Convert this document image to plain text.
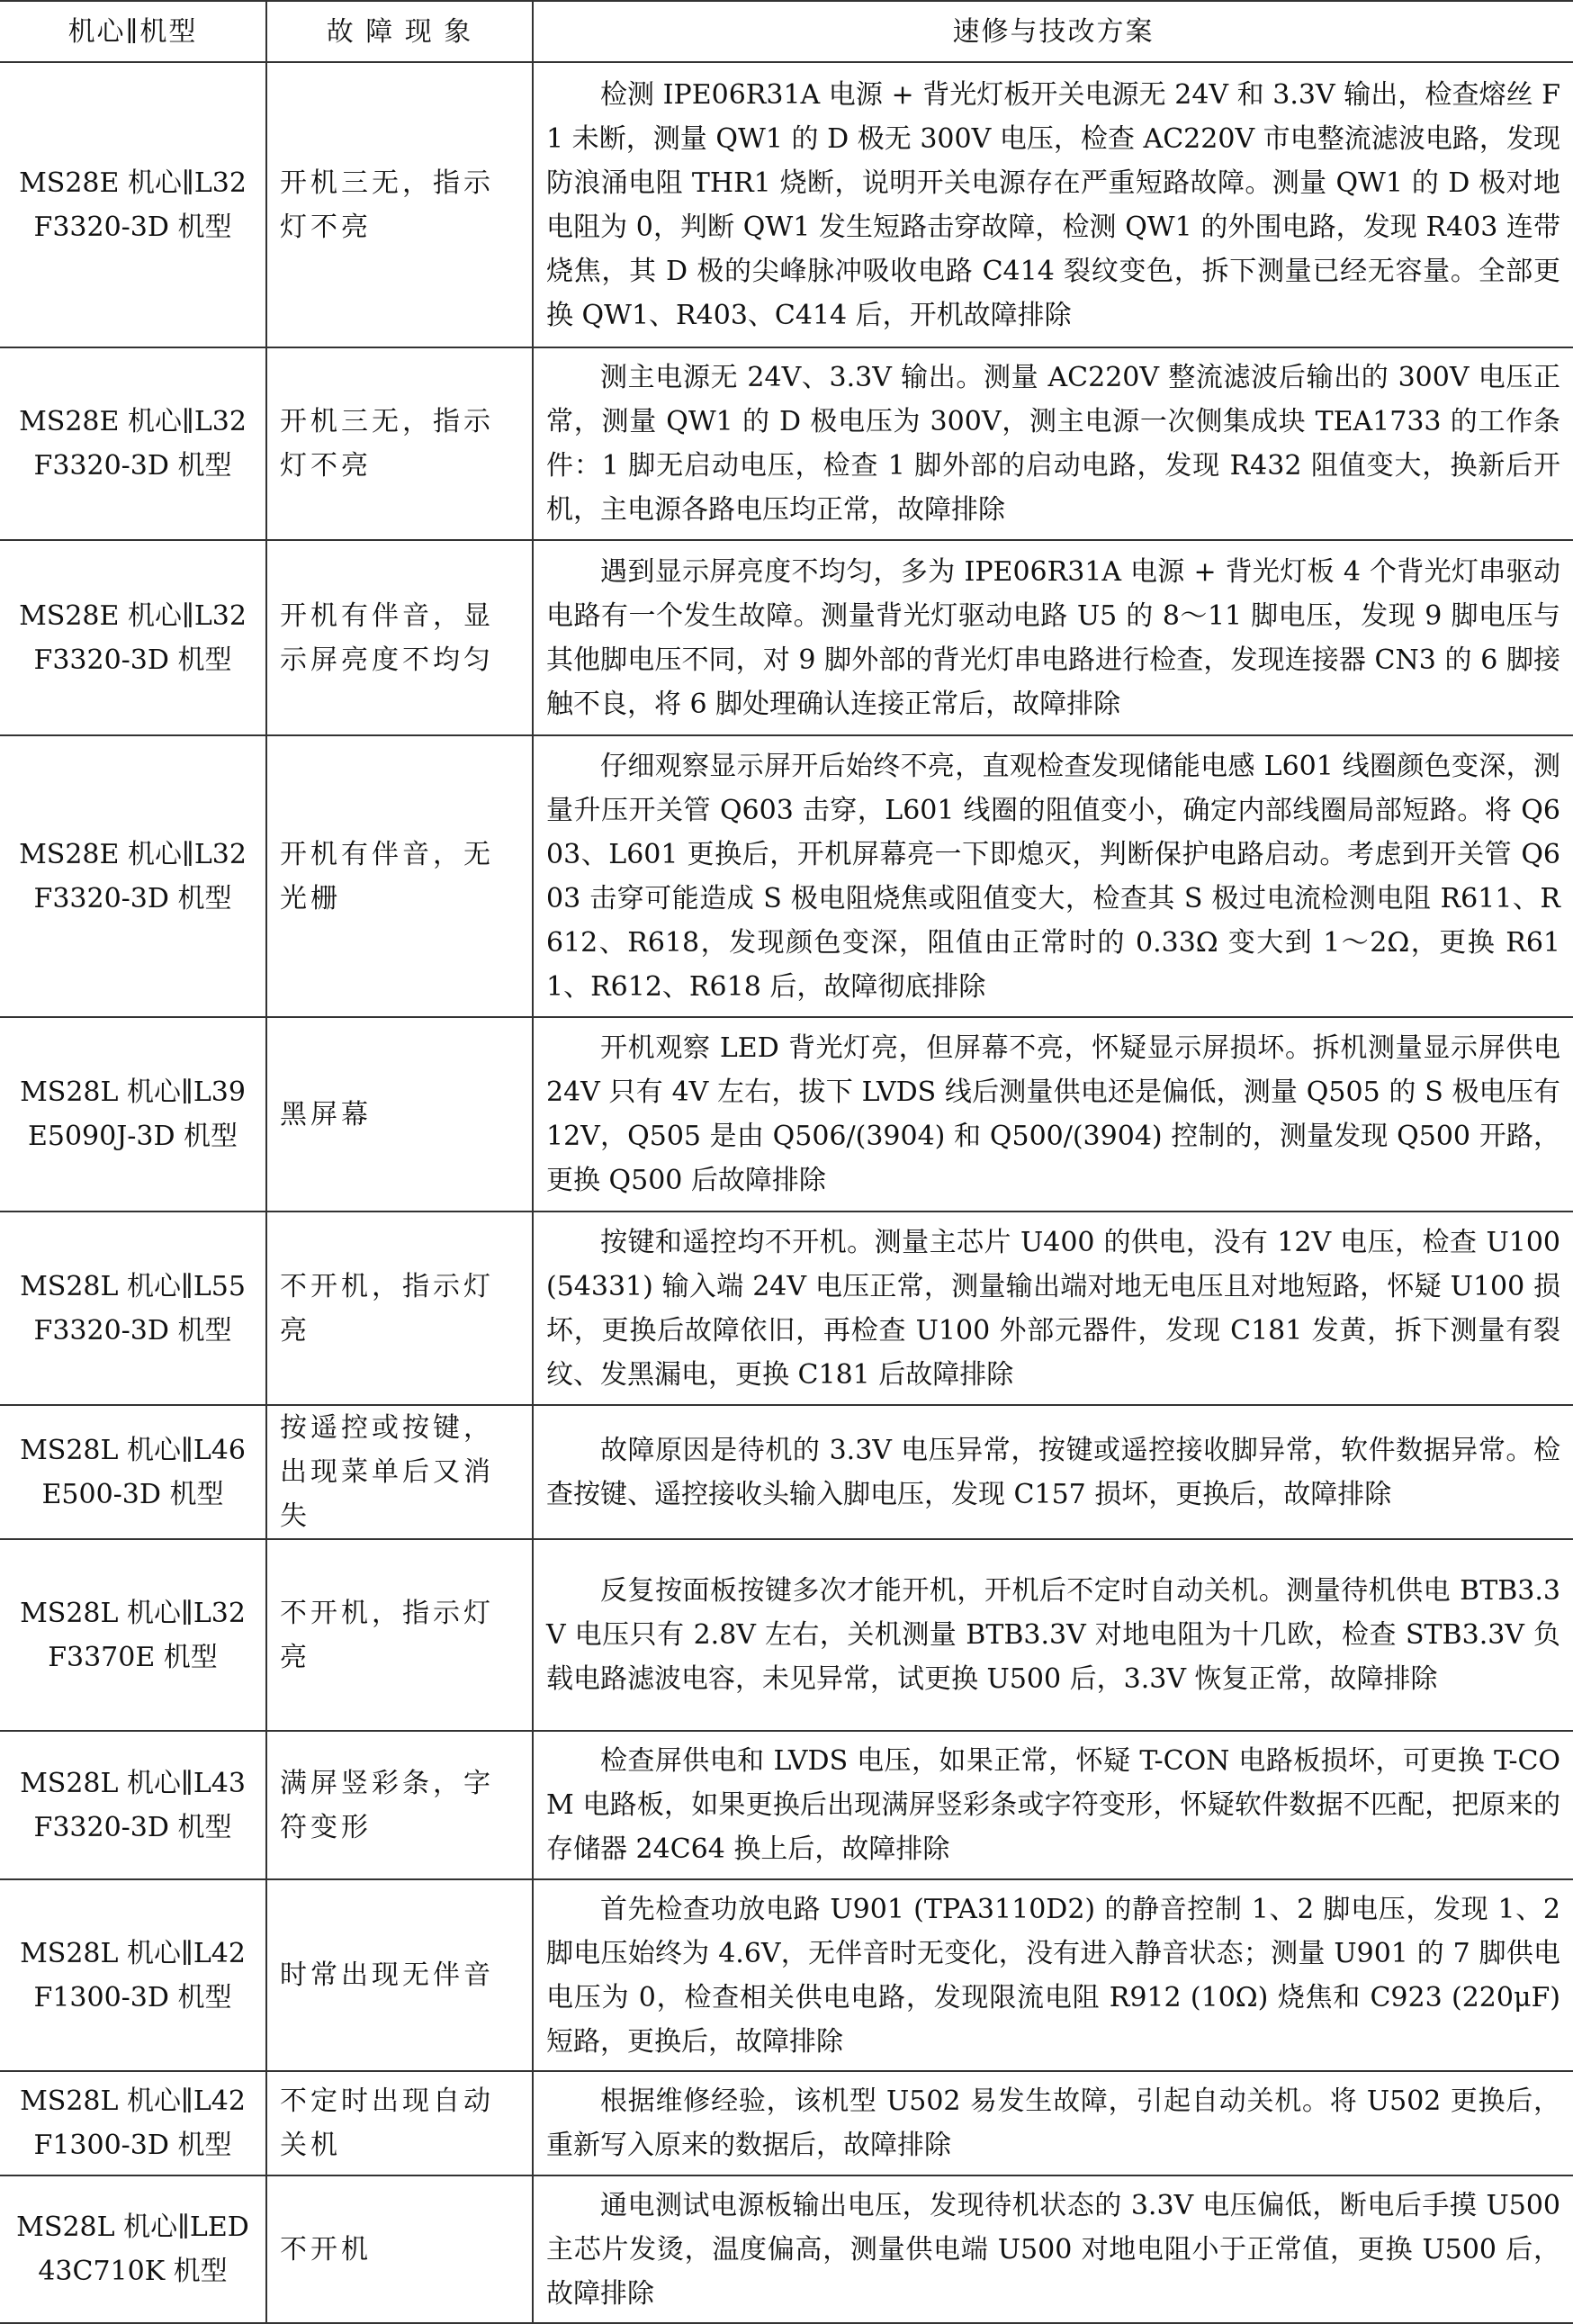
机心∥机型	故 障 现 象	速修与技改方案
MS28E 机心∥L32F3320-3D 机型	开机三无，指示灯不亮	检测 IPE06R31A 电源 + 背光灯板开关电源无 24V 和 3.3V 输出，检查熔丝 F1 未断，测量 QW1 的 D 极无 300V 电压，检查 AC220V 市电整流滤波电路，发现防浪涌电阻 THR1 烧断，说明开关电源存在严重短路故障。测量 QW1 的 D 极对地电阻为 0，判断 QW1 发生短路击穿故障，检测 QW1 的外围电路，发现 R403 连带烧焦，其 D 极的尖峰脉冲吸收电路 C414 裂纹变色，拆下测量已经无容量。全部更换 QW1、R403、C414 后，开机故障排除
MS28E 机心∥L32F3320-3D 机型	开机三无，指示灯不亮	测主电源无 24V、3.3V 输出。测量 AC220V 整流滤波后输出的 300V 电压正常，测量 QW1 的 D 极电压为 300V，测主电源一次侧集成块 TEA1733 的工作条件：1 脚无启动电压，检查 1 脚外部的启动电路，发现 R432 阻值变大，换新后开机，主电源各路电压均正常，故障排除
MS28E 机心∥L32F3320-3D 机型	开机有伴音，显示屏亮度不均匀	遇到显示屏亮度不均匀，多为 IPE06R31A 电源 + 背光灯板 4 个背光灯串驱动电路有一个发生故障。测量背光灯驱动电路 U5 的 8～11 脚电压，发现 9 脚电压与其他脚电压不同，对 9 脚外部的背光灯串电路进行检查，发现连接器 CN3 的 6 脚接触不良，将 6 脚处理确认连接正常后，故障排除
MS28E 机心∥L32F3320-3D 机型	开机有伴音，无光栅	仔细观察显示屏开后始终不亮，直观检查发现储能电感 L601 线圈颜色变深，测量升压开关管 Q603 击穿，L601 线圈的阻值变小，确定内部线圈局部短路。将 Q603、L601 更换后，开机屏幕亮一下即熄灭，判断保护电路启动。考虑到开关管 Q603 击穿可能造成 S 极电阻烧焦或阻值变大，检查其 S 极过电流检测电阻 R611、R612、R618，发现颜色变深，阻值由正常时的 0.33Ω 变大到 1～2Ω，更换 R611、R612、R618 后，故障彻底排除
MS28L 机心∥L39E5090J-3D 机型	黑屏幕	开机观察 LED 背光灯亮，但屏幕不亮，怀疑显示屏损坏。拆机测量显示屏供电 24V 只有 4V 左右，拔下 LVDS 线后测量供电还是偏低，测量 Q505 的 S 极电压有 12V，Q505 是由 Q506/(3904) 和 Q500/(3904) 控制的，测量发现 Q500 开路，更换 Q500 后故障排除
MS28L 机心∥L55F3320-3D 机型	不开机，指示灯亮	按键和遥控均不开机。测量主芯片 U400 的供电，没有 12V 电压，检查 U100 (54331) 输入端 24V 电压正常，测量输出端对地无电压且对地短路，怀疑 U100 损坏，更换后故障依旧，再检查 U100 外部元器件，发现 C181 发黄，拆下测量有裂纹、发黑漏电，更换 C181 后故障排除
MS28L 机心∥L46E500-3D 机型	按遥控或按键，出现菜单后又消失	故障原因是待机的 3.3V 电压异常，按键或遥控接收脚异常，软件数据异常。检查按键、遥控接收头输入脚电压，发现 C157 损坏，更换后，故障排除
MS28L 机心∥L32F3370E 机型	不开机，指示灯亮	反复按面板按键多次才能开机，开机后不定时自动关机。测量待机供电 BTB3.3V 电压只有 2.8V 左右，关机测量 BTB3.3V 对地电阻为十几欧，检查 STB3.3V 负载电路滤波电容，未见异常，试更换 U500 后，3.3V 恢复正常，故障排除
MS28L 机心∥L43F3320-3D 机型	满屏竖彩条，字符变形	检查屏供电和 LVDS 电压，如果正常，怀疑 T-CON 电路板损坏，可更换 T-COM 电路板，如果更换后出现满屏竖彩条或字符变形，怀疑软件数据不匹配，把原来的存储器 24C64 换上后，故障排除
MS28L 机心∥L42F1300-3D 机型	时常出现无伴音	首先检查功放电路 U901 (TPA3110D2) 的静音控制 1、2 脚电压，发现 1、2 脚电压始终为 4.6V，无伴音时无变化，没有进入静音状态；测量 U901 的 7 脚供电电压为 0，检查相关供电电路，发现限流电阻 R912 (10Ω) 烧焦和 C923 (220μF) 短路，更换后，故障排除
MS28L 机心∥L42F1300-3D 机型	不定时出现自动关机	根据维修经验，该机型 U502 易发生故障，引起自动关机。将 U502 更换后，重新写入原来的数据后，故障排除
MS28L 机心∥LED43C710K 机型	不开机	通电测试电源板输出电压，发现待机状态的 3.3V 电压偏低，断电后手摸 U500 主芯片发烫，温度偏高，测量供电端 U500 对地电阻小于正常值，更换 U500 后，故障排除
